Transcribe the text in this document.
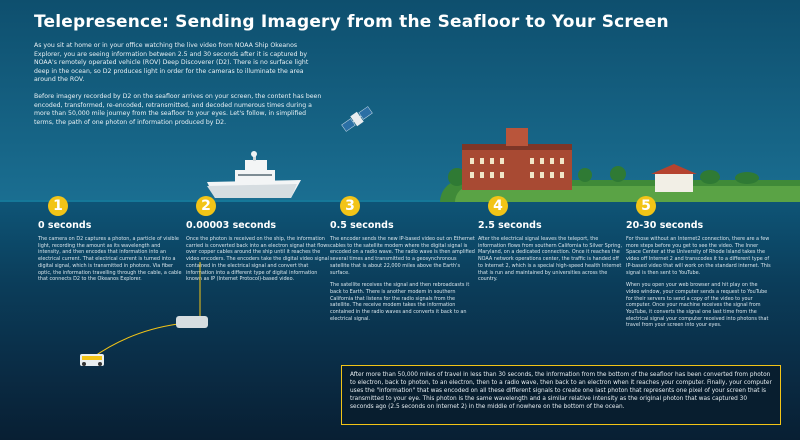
Telepresence: Sending Imagery from the Seafloor to Your Screen

As you sit at home or in your office watching the live video from NOAA Ship Okeanos Explorer, you are seeing information between 2.5 and 30 seconds after it is captured by NOAA's remotely operated vehicle (ROV) Deep Discoverer (D2). There is no surface light deep in the ocean, so D2 produces light in order for the cameras to illuminate the area around the ROV.

Before imagery recorded by D2 on the seafloor arrives on your screen, the content has been encoded, transformed, re-encoded, retransmitted, and decoded numerous times during a more than 50,000 mile journey from the seafloor to your eyes. Let's follow, in simplified terms, the path of one photon of information produced by D2.

1
0 seconds

The camera on D2 captures a photon, a particle of visible light, recording the amount as its wavelength and intensity, and then encodes that information into an electrical current. That electrical current is turned into a digital signal, which is transmitted in photons. Via fiber optic, the information travelling through the cable, a cable that connects D2 to the Okeanos Explorer.

2
0.00003 seconds

Once the photon is received on the ship, the information carried is converted back into an electron signal that flows over copper cables around the ship until it reaches the video encoders. The encoders take the digital video signal contained in the electrical signal and convert that information into a different type of digital information known as IP (Internet Protocol)-based video.

3
0.5 seconds

The encoder sends the new IP-based video out on Ethernet cables to the satellite modem where the digital signal is encoded on a radio wave. The radio wave is then amplified several times and transmitted to a geosynchronous satellite that is about 22,000 miles above the Earth's surface.

The satellite receives the signal and then rebroadcasts it back to Earth. There is another modem in southern California that listens for the radio signals from the satellite. The receive modem takes the information contained in the radio waves and converts it back to an electrical signal.

4
2.5 seconds

After the electrical signal leaves the teleport, the information flows from southern California to Silver Spring, Maryland, on a dedicated connection. Once it reaches the NOAA network operations center, the traffic is handed off to Internet 2, which is a special high-speed health Internet that is run and maintained by universities across the country.

5
20-30 seconds

For those without an Internet2 connection, there are a few more steps before you get to see the video. The Inner Space Center at the University of Rhode Island takes the video off Internet 2 and transcodes it to a different type of IP-based video that will work on the standard internet. This signal is then sent to YouTube.

When you open your web browser and hit play on the video window, your computer sends a request to YouTube for their servers to send a copy of the video to your computer. Once your machine receives the signal from YouTube, it converts the signal one last time from the electrical signal your computer received into photons that travel from your screen into your eyes.

After more than 50,000 miles of travel in less than 30 seconds, the information from the bottom of the seafloor has been converted from photon to electron, back to photon, to an electron, then to a radio wave, then back to an electron when it reaches your computer. Finally, your computer uses the "information" that was encoded on all these different signals to create one last photon that represents one pixel of your screen that is transmitted to your eye. This photon is the same wavelength and a similar relative intensity as the original photon that was captured 30 seconds ago (2.5 seconds on Internet 2) in the middle of nowhere on the bottom of the ocean.
